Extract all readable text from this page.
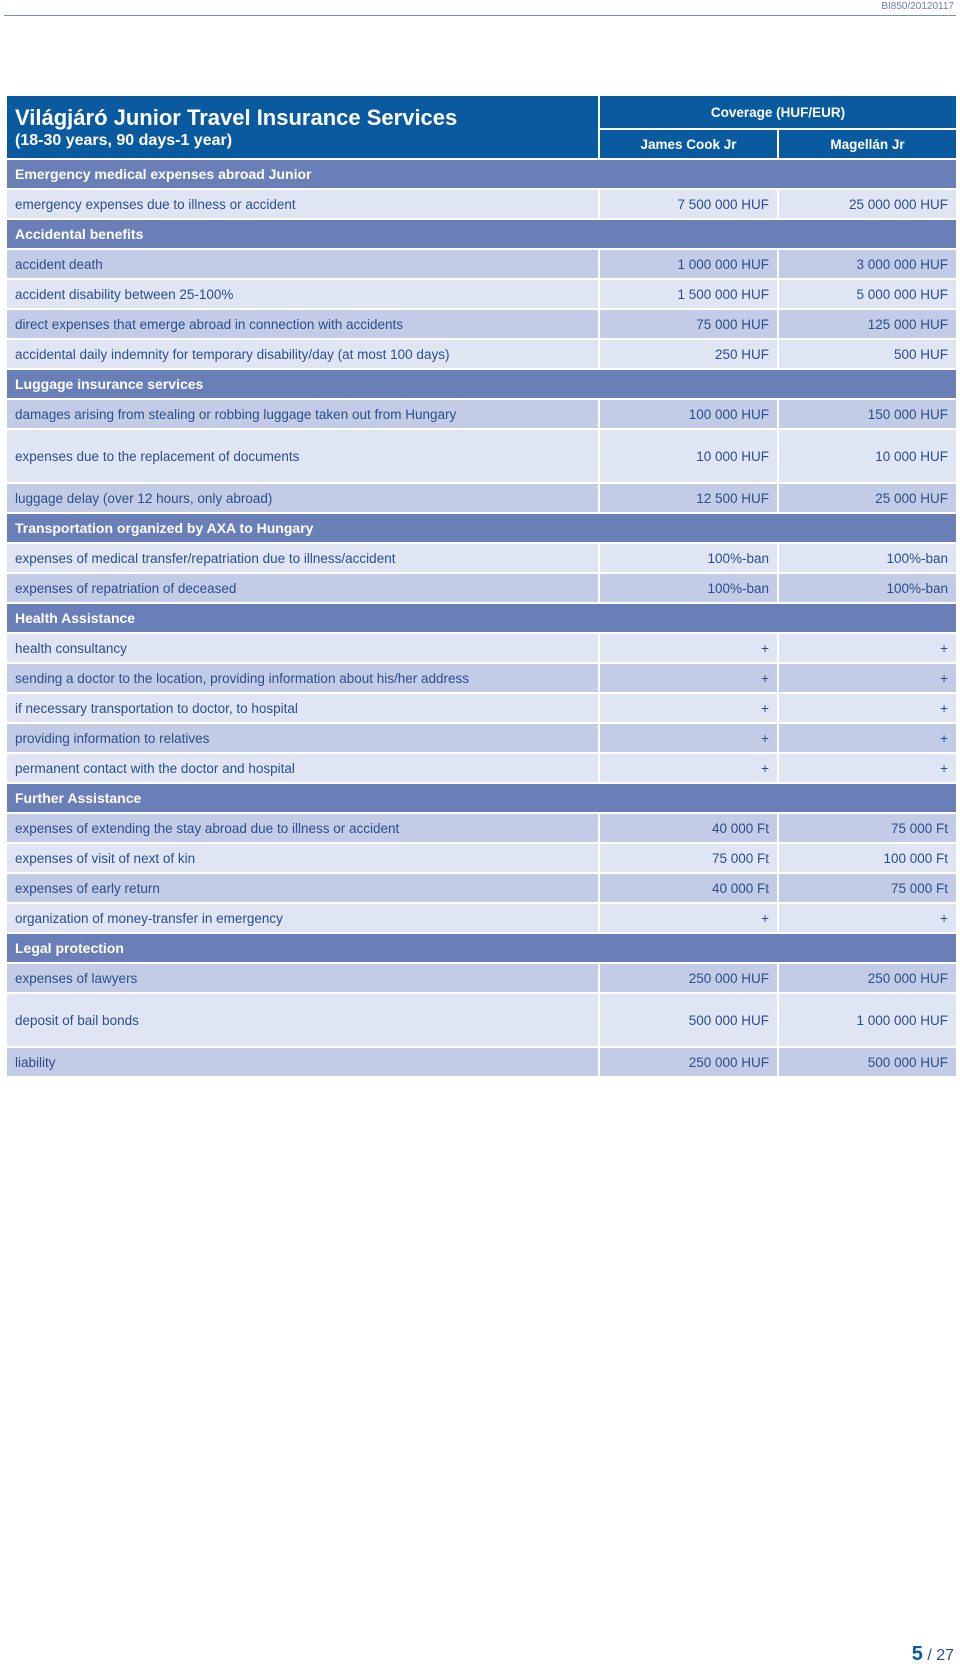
BI850/20120117
Világjáró Junior Travel Insurance Services
(18-30 years, 90 days-1 year)	Coverage (HUF/EUR)	
	James Cook Jr	Magellán Jr
Emergency medical expenses abroad Junior		
emergency expenses due to illness or accident	7 500 000 HUF	25 000 000 HUF
Accidental benefits		
accident death	1 000 000 HUF	3 000 000 HUF
accident disability between 25-100%	1 500 000 HUF	5 000 000 HUF
direct expenses that emerge abroad in connection with accidents	75 000 HUF	125 000 HUF
accidental daily indemnity for temporary disability/day (at most 100 days)	250 HUF	500 HUF
Luggage insurance services		
damages arising from stealing or robbing luggage taken out from Hungary	100 000 HUF	150 000 HUF
expenses due to the replacement of documents	10 000 HUF	10 000 HUF
luggage delay (over 12 hours, only abroad)	12 500 HUF	25 000 HUF
Transportation organized by AXA to Hungary		
expenses of medical transfer/repatriation due to illness/accident	100%-ban	100%-ban
expenses of repatriation of deceased	100%-ban	100%-ban
Health Assistance		
health consultancy	+	+
sending a doctor to the location, providing information about his/her address	+	+
if necessary transportation to doctor, to hospital	+	+
providing information to relatives	+	+
permanent contact with the doctor and hospital	+	+
Further Assistance		
expenses of extending the stay abroad due to illness or accident	40 000 Ft	75 000 Ft
expenses of visit of next of kin	75 000 Ft	100 000 Ft
expenses of early return	40 000 Ft	75 000 Ft
organization of money-transfer in emergency	+	+
Legal protection		
expenses of lawyers	250 000 HUF	250 000 HUF
deposit of bail bonds	500 000 HUF	1 000 000 HUF
liability	250 000 HUF	500 000 HUF
5 / 27
